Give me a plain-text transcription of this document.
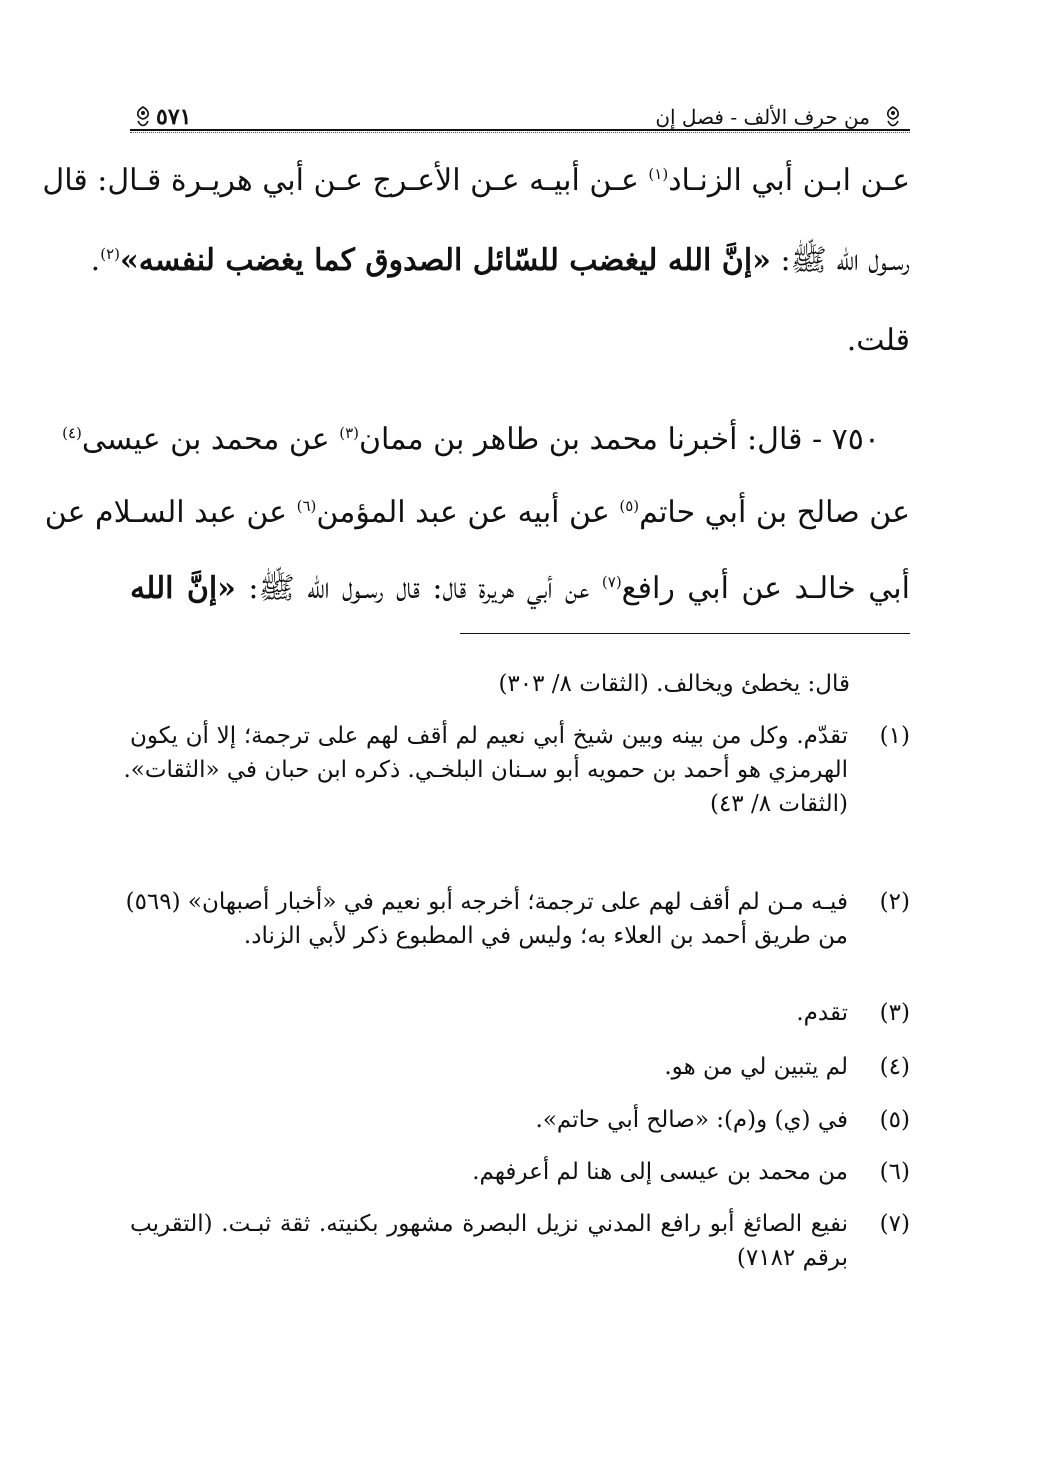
من حرف الألف - فصل إن
٥٧١
عـن ابـن أبي الزنـاد$^{(١)}$ عـن أبيـه عـن الأعـرج عـن أبي هريـرة قـال: قال
رسـول الله ﷺ: «إنَّ الله ليغضب للسّائل الصدوق كما يغضب لنفسه»$^{(٢)}$.
قلت.
٧٥٠ - قال: أخبرنا محمد بن طاهر بن ممان$^{(٣)}$ عن محمد بن عيسى$^{(٤)}$
عن صالح بن أبي حاتم$^{(٥)}$ عن أبيه عن عبد المؤمن$^{(٦)}$ عن عبد السـلام عن
أبي خالـد عن أبي رافع$^{(٧)}$ عن أبي هريرة قال: قال رسـول الله ﷺ: «إنَّ الله
قال: يخطئ ويخالف. (الثقات ٨/ ٣٠٣)
(١)
تقدّم. وكل من بينه وبين شيخ أبي نعيم لم أقف لهم على ترجمة؛ إلا أن يكون
الهرمزي هو أحمد بن حمويه أبو سـنان البلخـي. ذكره ابن حبان في «الثقات».
(الثقات ٨/ ٤٣)
(٢)
فيـه مـن لم أقف لهم على ترجمة؛ أخرجه أبو نعيم في «أخبار أصبهان» (٥٦٩)
من طريق أحمد بن العلاء به؛ وليس في المطبوع ذكر لأبي الزناد.
(٣)
تقدم.
(٤)
لم يتبين لي من هو.
(٥)
في (ي) و(م): «صالح أبي حاتم».
(٦)
من محمد بن عيسى إلى هنا لم أعرفهم.
(٧)
نفيع الصائغ أبو رافع المدني نزيل البصرة مشهور بكنيته. ثقة ثبـت. (التقريب
برقم ٧١٨٢)
